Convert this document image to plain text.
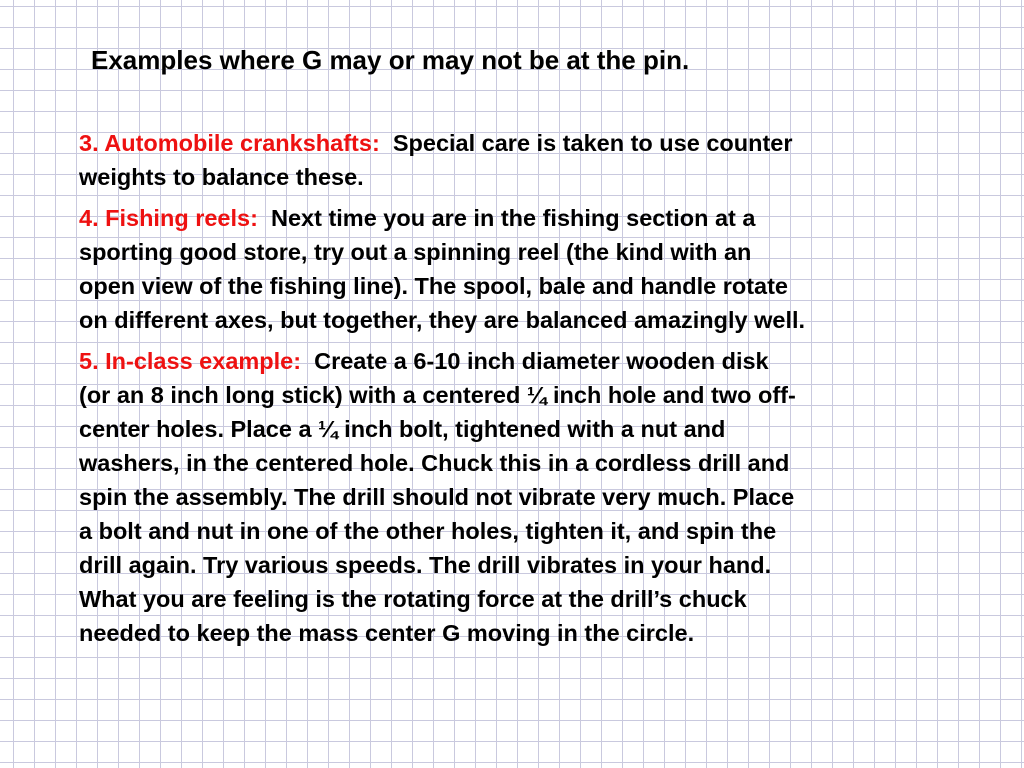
Examples where G may or may not be at the pin.
3. Automobile crankshafts: Special care is taken to use counter
weights to balance these.
4. Fishing reels: Next time you are in the fishing section at a
sporting good store, try out a spinning reel (the kind with an
open view of the fishing line). The spool, bale and handle rotate
on different axes, but together, they are balanced amazingly well.
5. In-class example: Create a 6-10 inch diameter wooden disk
(or an 8 inch long stick) with a centered ¼ inch hole and two off-
center holes. Place a ¼ inch bolt, tightened with a nut and
washers, in the centered hole. Chuck this in a cordless drill and
spin the assembly. The drill should not vibrate very much. Place
a bolt and nut in one of the other holes, tighten it, and spin the
drill again. Try various speeds. The drill vibrates in your hand.
What you are feeling is the rotating force at the drill’s chuck
needed to keep the mass center G moving in the circle.
